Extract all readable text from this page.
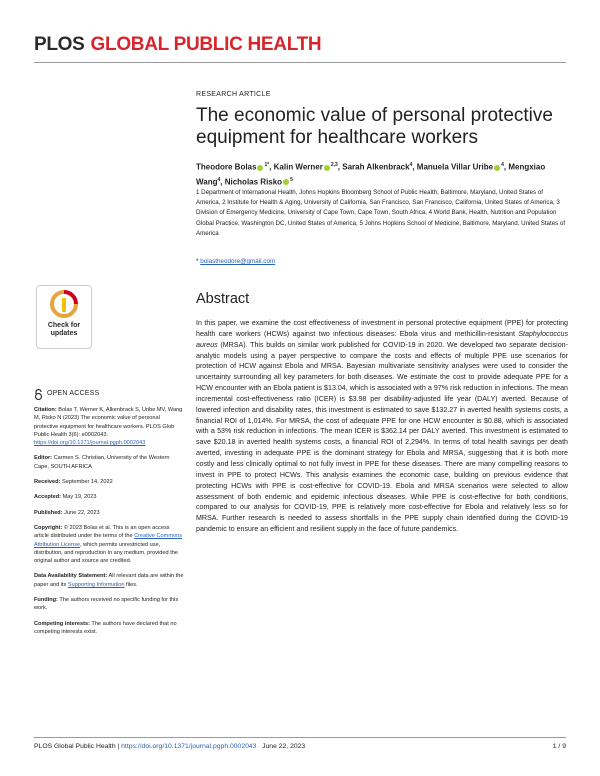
PLOS GLOBAL PUBLIC HEALTH
RESEARCH ARTICLE
The economic value of personal protective equipment for healthcare workers
Theodore Bolas $^{1*}$, Kalin Werner $^{2,3}$, Sarah Alkenbrack$^4$, Manuela Villar Uribe $^4$, Mengxiao Wang$^4$, Nicholas Risko $^5$
1 Department of International Health, Johns Hopkins Bloomberg School of Public Health, Baltimore, Maryland, United States of America, 2 Institute for Health & Aging, University of California, San Francisco, San Francisco, California, United States of America, 3 Division of Emergency Medicine, University of Cape Town, Cape Town, South Africa, 4 World Bank, Health, Nutrition and Population Global Practice, Washington DC, United States of America, 5 Johns Hopkins School of Medicine, Baltimore, Maryland, United States of America
* bolastheodore@gmail.com
Check for
updates
OPEN ACCESS
Citation: Bolas T, Werner K, Alkenbrack S, Uribe MV, Wang M, Risko N (2023) The economic value of personal protective equipment for healthcare workers. PLOS Glob Public Health 3(6): e0002043. https://doi.org/10.1371/journal.pgph.0002043
Editor: Carmen S. Christian, University of the Western Cape, SOUTH AFRICA
Received: September 14, 2022
Accepted: May 19, 2023
Published: June 22, 2023
Copyright: © 2023 Bolas et al. This is an open access article distributed under the terms of the Creative Commons Attribution License, which permits unrestricted use, distribution, and reproduction in any medium, provided the original author and source are credited.
Data Availability Statement: All relevant data are within the paper and its Supporting Information files.
Funding: The authors received no specific funding for this work.
Competing interests: The authors have declared that no competing interests exist.
Abstract
In this paper, we examine the cost effectiveness of investment in personal protective equipment (PPE) for protecting health care workers (HCWs) against two infectious diseases: Ebola virus and methicillin-resistant Staphylococcus aureus (MRSA). This builds on similar work published for COVID-19 in 2020. We developed two separate decision-analytic models using a payer perspective to compare the costs and effects of multiple PPE use scenarios for protection of HCW against Ebola and MRSA. Bayesian multivariate sensitivity analyses were used to consider the uncertainty surrounding all key parameters for both diseases. We estimate the cost to provide adequate PPE for a HCW encounter with an Ebola patient is $13.04, which is associated with a 97% risk reduction in infections. The mean incremental cost-effectiveness ratio (ICER) is $3.98 per disability-adjusted life year (DALY) averted. Because of lowered infection and disability rates, this investment is estimated to save $132.27 in averted health systems costs, a financial ROI of 1,014%. For MRSA, the cost of adequate PPE for one HCW encounter is $0.88, which is associated with a 53% risk reduction in infections. The mean ICER is $362.14 per DALY averted. This investment is estimated to save $20.18 in averted health systems costs, a financial ROI of 2,294%. In terms of total health savings per death averted, investing in adequate PPE is the dominant strategy for Ebola and MRSA, suggesting that it is both more costly and less clinically optimal to not fully invest in PPE for these diseases. There are many compelling reasons to invest in PPE to protect HCWs. This analysis examines the economic case, building on previous evidence that protecting HCWs with PPE is cost-effective for COVID-19. Ebola and MRSA scenarios were selected to allow assessment of both endemic and epidemic infectious diseases. While PPE is cost-effective for both conditions, compared to our analysis for COVID-19, PPE is relatively more cost-effective for Ebola and relatively less so for MRSA. Further research is needed to assess shortfalls in the PPE supply chain identified during the COVID-19 pandemic to ensure an efficient and resilient supply in the face of future pandemics.
PLOS Global Public Health | https://doi.org/10.1371/journal.pgph.0002043 June 22, 2023	1 / 9
